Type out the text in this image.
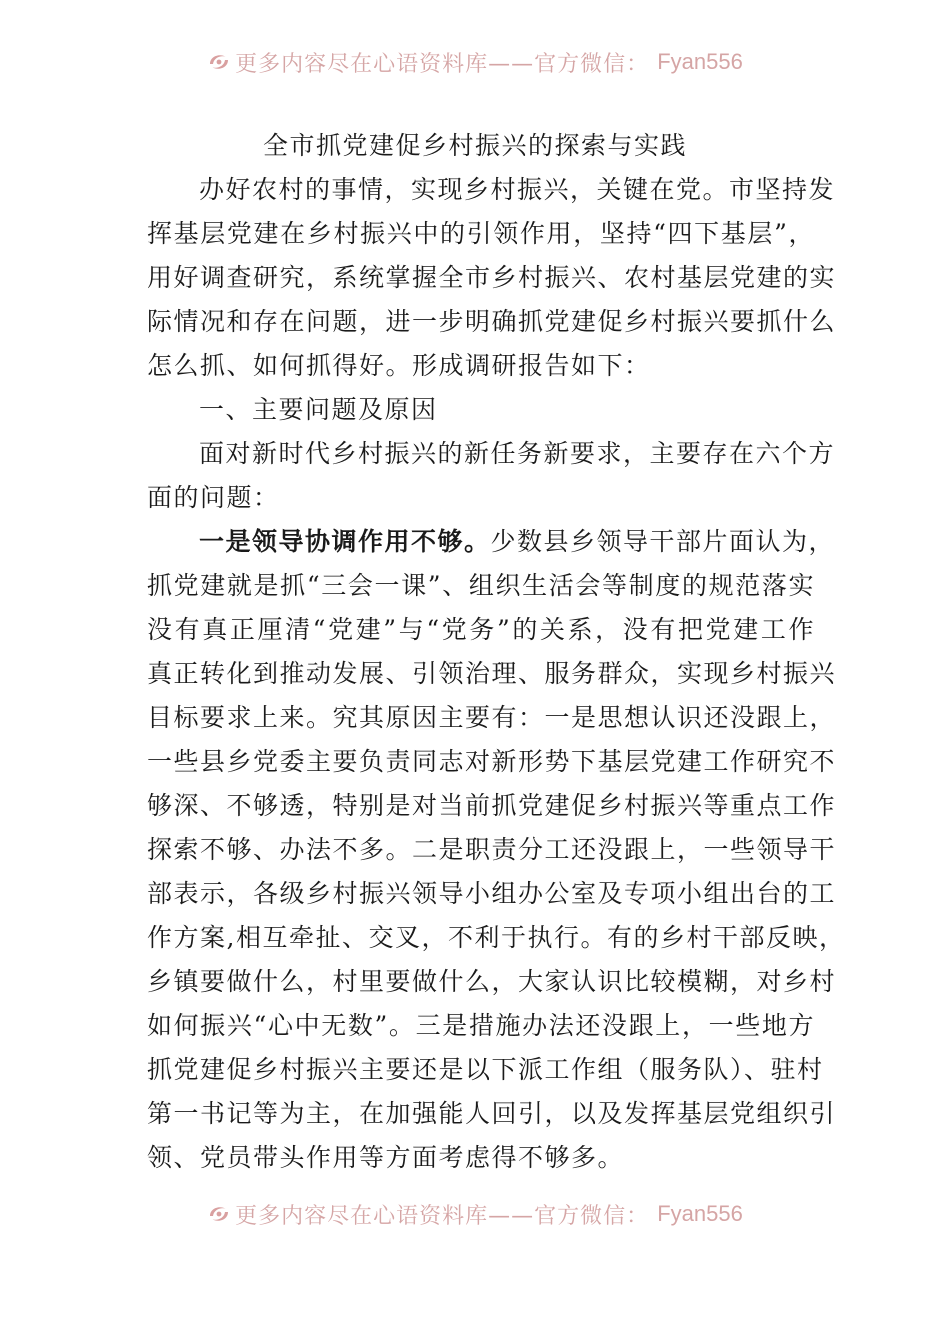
更多内容尽在心语资料库——官方微信： Fyan556
全市抓党建促乡村振兴的探索与实践
办好农村的事情，实现乡村振兴，关键在党。市坚持发
挥基层党建在乡村振兴中的引领作用，坚持“四下基层”，
用好调查研究，系统掌握全市乡村振兴、农村基层党建的实
际情况和存在问题，进一步明确抓党建促乡村振兴要抓什么
怎么抓、如何抓得好。形成调研报告如下：
一、主要问题及原因
面对新时代乡村振兴的新任务新要求，主要存在六个方
面的问题：
一是领导协调作用不够。少数县乡领导干部片面认为，
抓党建就是抓“三会一课”、组织生活会等制度的规范落实
没有真正厘清“党建”与“党务”的关系，没有把党建工作
真正转化到推动发展、引领治理、服务群众，实现乡村振兴
目标要求上来。究其原因主要有：一是思想认识还没跟上，
一些县乡党委主要负责同志对新形势下基层党建工作研究不
够深、不够透，特别是对当前抓党建促乡村振兴等重点工作
探索不够、办法不多。二是职责分工还没跟上，一些领导干
部表示，各级乡村振兴领导小组办公室及专项小组出台的工
作方案,相互牵扯、交叉，不利于执行。有的乡村干部反映，
乡镇要做什么，村里要做什么，大家认识比较模糊，对乡村
如何振兴“心中无数”。三是措施办法还没跟上，一些地方
抓党建促乡村振兴主要还是以下派工作组（服务队）、驻村
第一书记等为主，在加强能人回引，以及发挥基层党组织引
领、党员带头作用等方面考虑得不够多。
更多内容尽在心语资料库——官方微信： Fyan556
